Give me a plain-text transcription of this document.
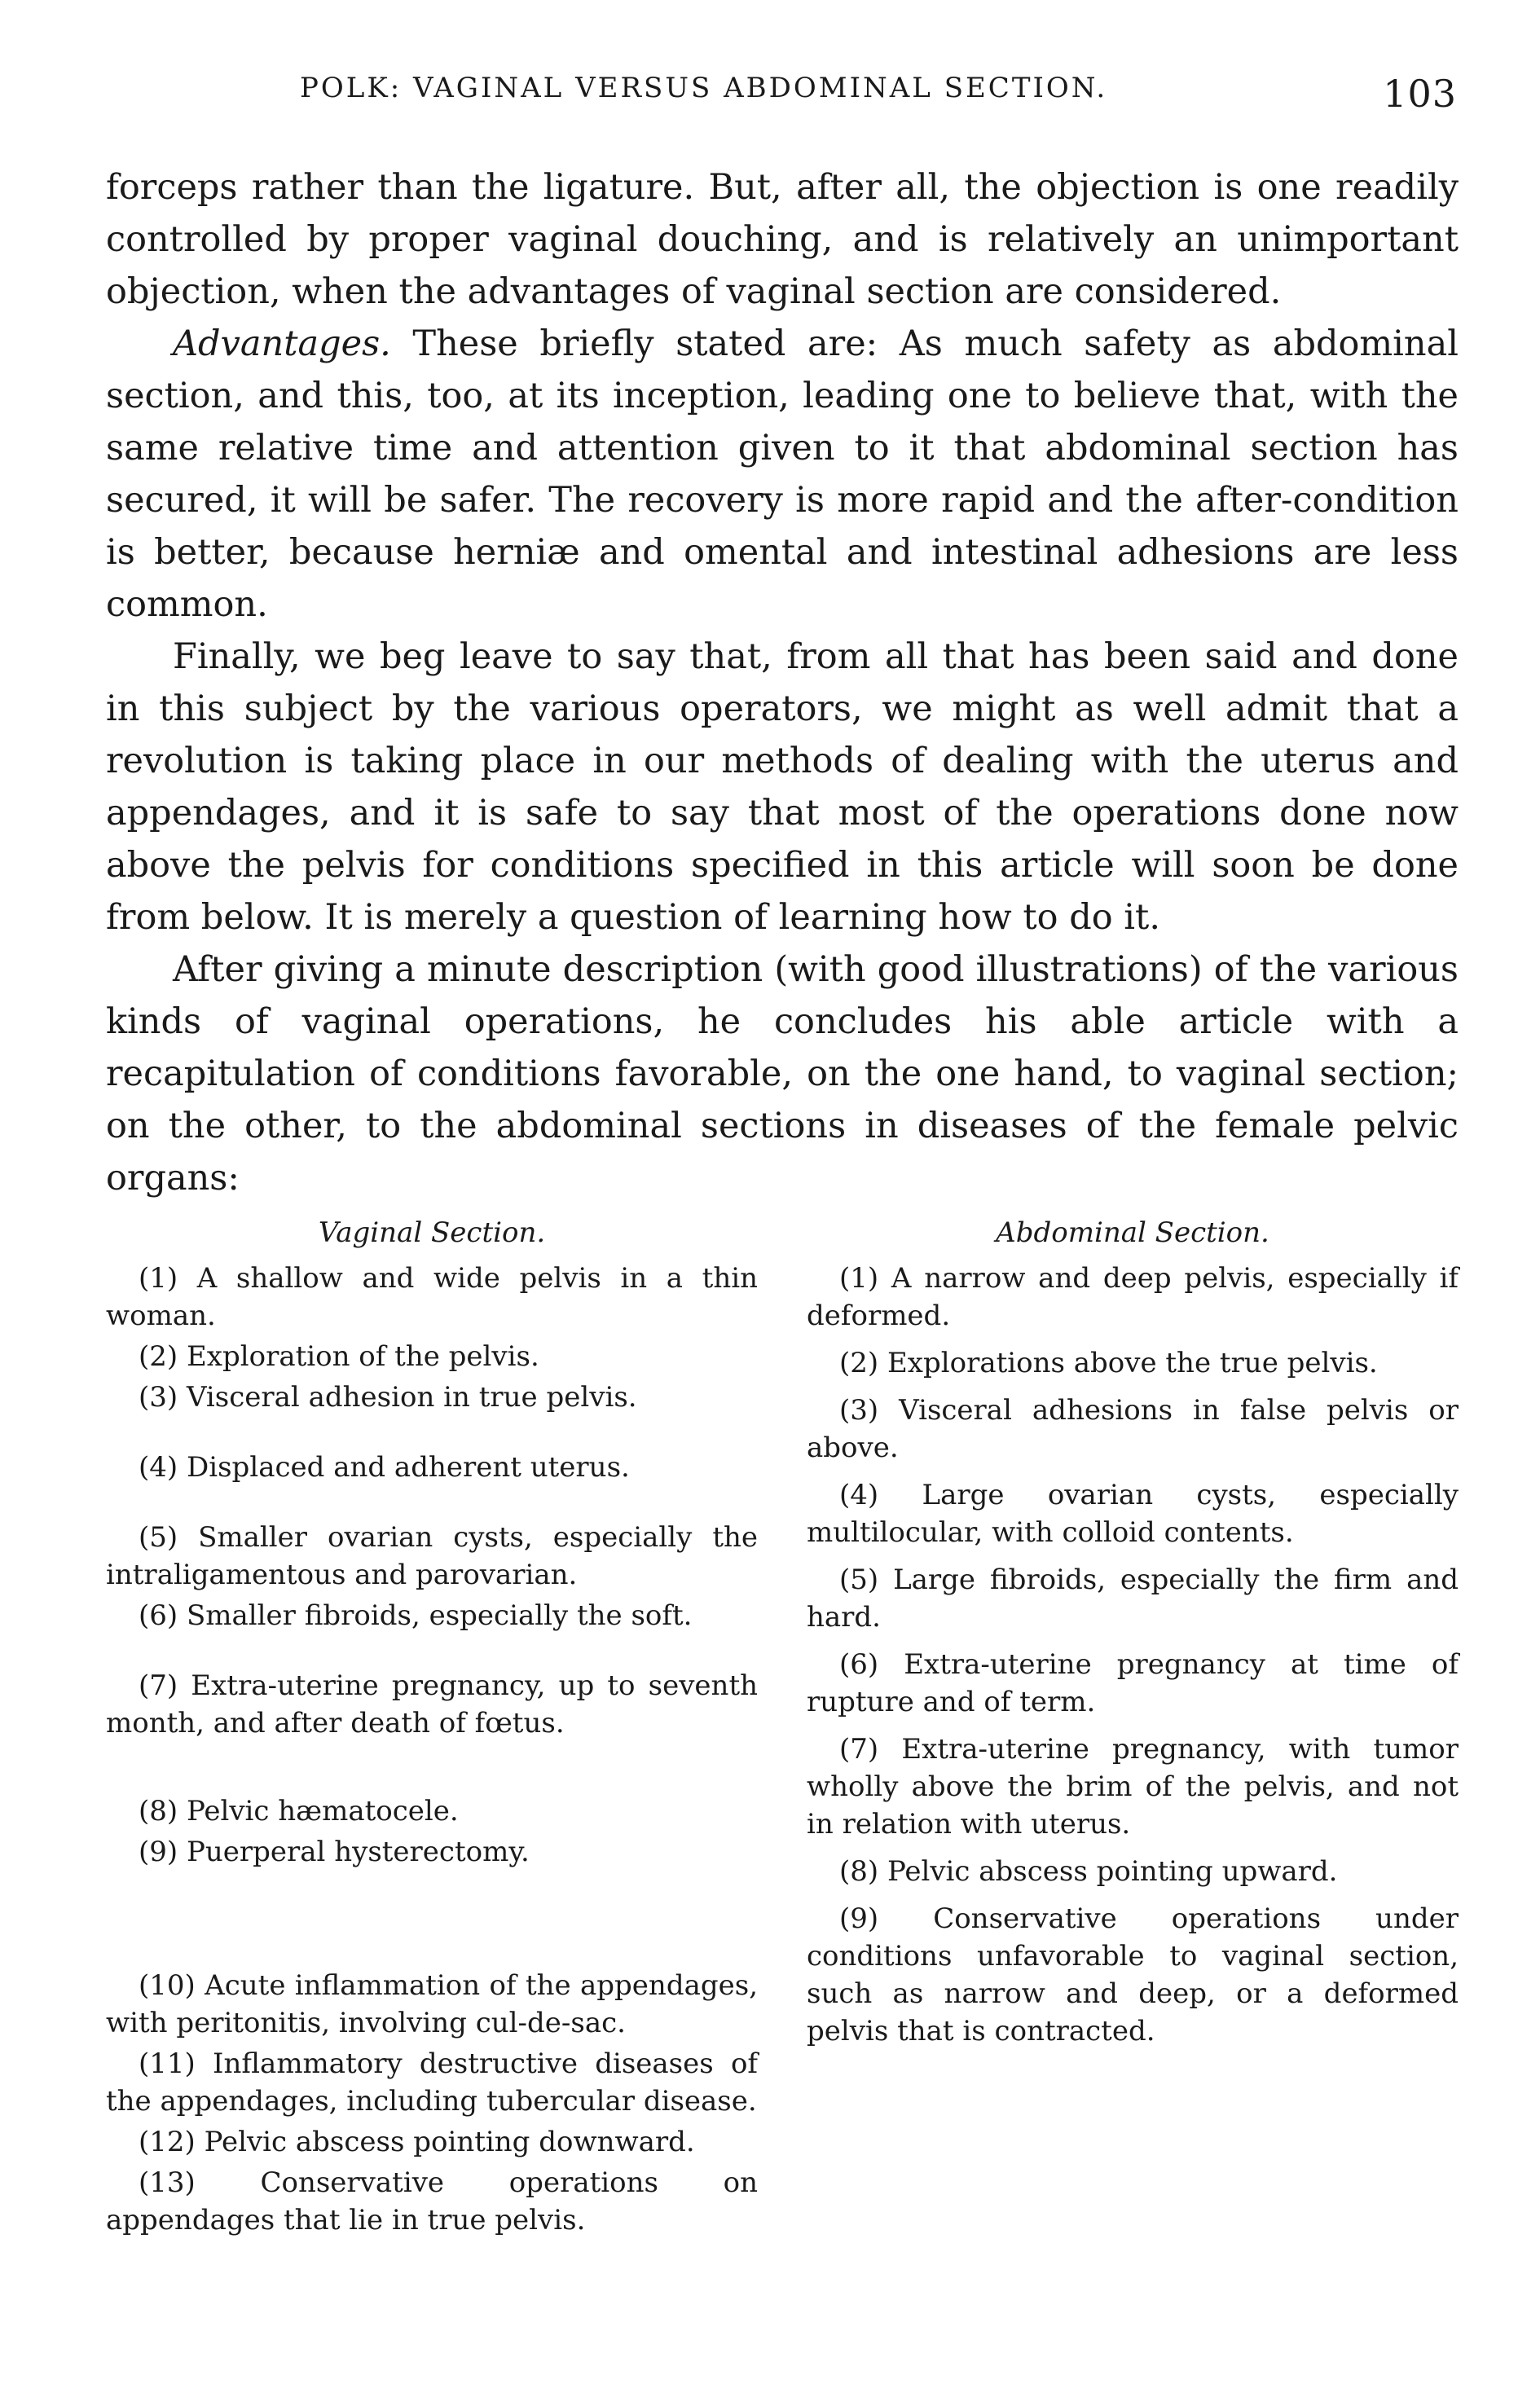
POLK: VAGINAL VERSUS ABDOMINAL SECTION.	103

forceps rather than the ligature. But, after all, the objection is one readily controlled by proper vaginal douching, and is relatively an unimportant objection, when the advantages of vaginal section are considered.

Advantages. These briefly stated are: As much safety as abdominal section, and this, too, at its inception, leading one to believe that, with the same relative time and attention given to it that abdominal section has secured, it will be safer. The recovery is more rapid and the after-condition is better, because herniæ and omental and intestinal adhesions are less common.

Finally, we beg leave to say that, from all that has been said and done in this subject by the various operators, we might as well admit that a revolution is taking place in our methods of dealing with the uterus and appendages, and it is safe to say that most of the operations done now above the pelvis for conditions specified in this article will soon be done from below. It is merely a question of learning how to do it.

After giving a minute description (with good illustrations) of the various kinds of vaginal operations, he concludes his able article with a recapitulation of conditions favorable, on the one hand, to vaginal section; on the other, to the abdominal sections in diseases of the female pelvic organs:

Vaginal Section.

(1) A shallow and wide pelvis in a thin woman.

(2) Exploration of the pelvis.

(3) Visceral adhesion in true pelvis.

(4) Displaced and adherent uterus.

(5) Smaller ovarian cysts, especially the intraligamentous and parovarian.

(6) Smaller fibroids, especially the soft.

(7) Extra-uterine pregnancy, up to seventh month, and after death of fœtus.

(8) Pelvic hæmatocele.

(9) Puerperal hysterectomy.

(10) Acute inflammation of the appendages, with peritonitis, involving cul-de-sac.

(11) Inflammatory destructive diseases of the appendages, including tubercular disease.

(12) Pelvic abscess pointing downward.

(13) Conservative operations on appendages that lie in true pelvis.

Abdominal Section.

(1) A narrow and deep pelvis, especially if deformed.

(2) Explorations above the true pelvis.

(3) Visceral adhesions in false pelvis or above.

(4) Large ovarian cysts, especially multilocular, with colloid contents.

(5) Large fibroids, especially the firm and hard.

(6) Extra-uterine pregnancy at time of rupture and of term.

(7) Extra-uterine pregnancy, with tumor wholly above the brim of the pelvis, and not in relation with uterus.

(8) Pelvic abscess pointing upward.

(9) Conservative operations under conditions unfavorable to vaginal section, such as narrow and deep, or a deformed pelvis that is contracted.
